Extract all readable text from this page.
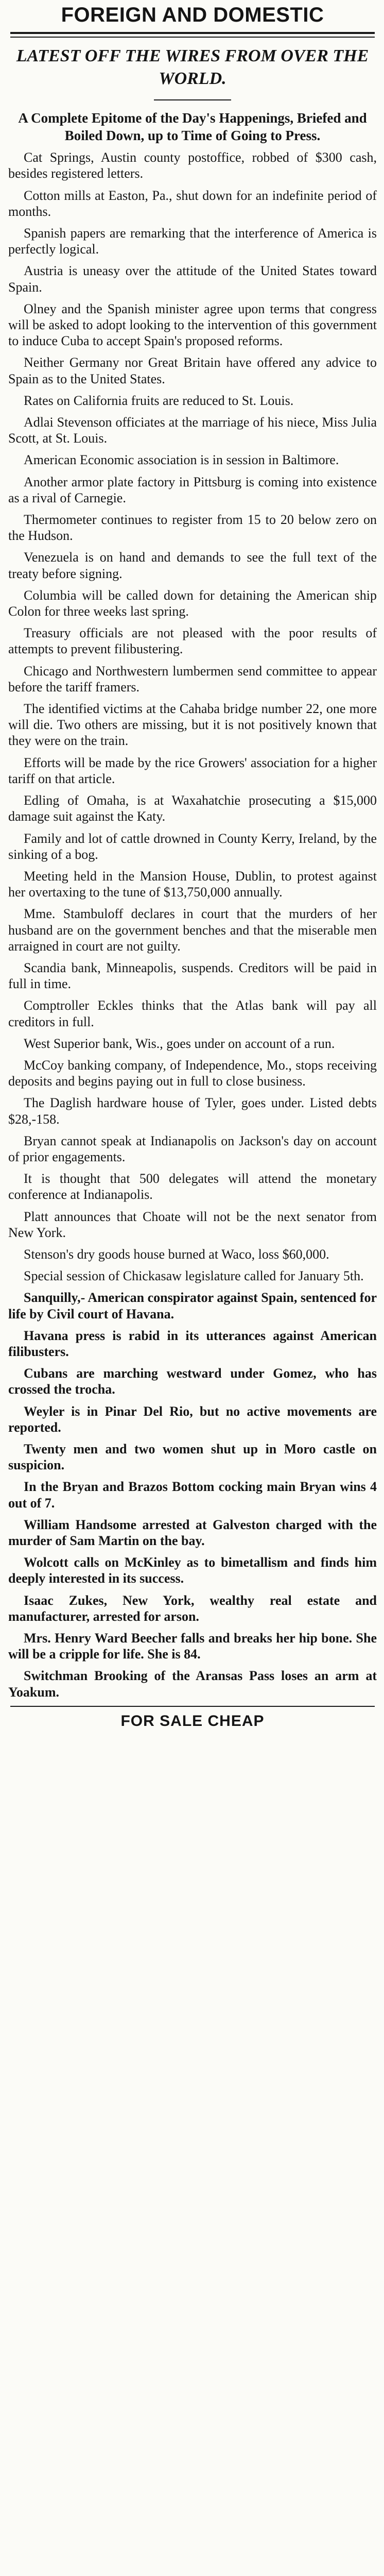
FOREIGN AND DOMESTIC
LATEST OFF THE WIRES FROM OVER THE WORLD.
A Complete Epitome of the Day's Happenings, Briefed and Boiled Down, up to Time of Going to Press.

Cat Springs, Austin county postoffice, robbed of $300 cash, besides registered letters.

Cotton mills at Easton, Pa., shut down for an indefinite period of months.

Spanish papers are remarking that the interference of America is perfectly logical.

Austria is uneasy over the attitude of the United States toward Spain.

Olney and the Spanish minister agree upon terms that congress will be asked to adopt looking to the intervention of this government to induce Cuba to accept Spain's proposed reforms.

Neither Germany nor Great Britain have offered any advice to Spain as to the United States.

Rates on California fruits are reduced to St. Louis.

Adlai Stevenson officiates at the marriage of his niece, Miss Julia Scott, at St. Louis.

American Economic association is in session in Baltimore.

Another armor plate factory in Pittsburg is coming into existence as a rival of Carnegie.

Thermometer continues to register from 15 to 20 below zero on the Hudson.

Venezuela is on hand and demands to see the full text of the treaty before signing.

Columbia will be called down for detaining the American ship Colon for three weeks last spring.

Treasury officials are not pleased with the poor results of attempts to prevent filibustering.

Chicago and Northwestern lumbermen send committee to appear before the tariff framers.

The identified victims at the Cahaba bridge number 22, one more will die. Two others are missing, but it is not positively known that they were on the train.

Efforts will be made by the rice Growers' association for a higher tariff on that article.

Edling of Omaha, is at Waxahatchie prosecuting a $15,000 damage suit against the Katy.

Family and lot of cattle drowned in County Kerry, Ireland, by the sinking of a bog.

Meeting held in the Mansion House, Dublin, to protest against her overtaxing to the tune of $13,750,000 annually.

Mme. Stambuloff declares in court that the murders of her husband are on the government benches and that the miserable men arraigned in court are not guilty.

Scandia bank, Minneapolis, suspends. Creditors will be paid in full in time.

Comptroller Eckles thinks that the Atlas bank will pay all creditors in full.

West Superior bank, Wis., goes under on account of a run.

McCoy banking company, of Independence, Mo., stops receiving deposits and begins paying out in full to close business.

The Daglish hardware house of Tyler, goes under. Listed debts $28,-158.

Bryan cannot speak at Indianapolis on Jackson's day on account of prior engagements.

It is thought that 500 delegates will attend the monetary conference at Indianapolis.

Platt announces that Choate will not be the next senator from New York.

Stenson's dry goods house burned at Waco, loss $60,000.

Special session of Chickasaw legislature called for January 5th.

Sanquilly,- American conspirator against Spain, sentenced for life by Civil court of Havana.

Havana press is rabid in its utterances against American filibusters.

Cubans are marching westward under Gomez, who has crossed the trocha.

Weyler is in Pinar Del Rio, but no active movements are reported.

Twenty men and two women shut up in Moro castle on suspicion.

In the Bryan and Brazos Bottom cocking main Bryan wins 4 out of 7.

William Handsome arrested at Galveston charged with the murder of Sam Martin on the bay.

Wolcott calls on McKinley as to bimetallism and finds him deeply interested in its success.

Isaac Zukes, New York, wealthy real estate and manufacturer, arrested for arson.

Mrs. Henry Ward Beecher falls and breaks her hip bone. She will be a cripple for life. She is 84.

Switchman Brooking of the Aransas Pass loses an arm at Yoakum.

FOR SALE CHEAP
